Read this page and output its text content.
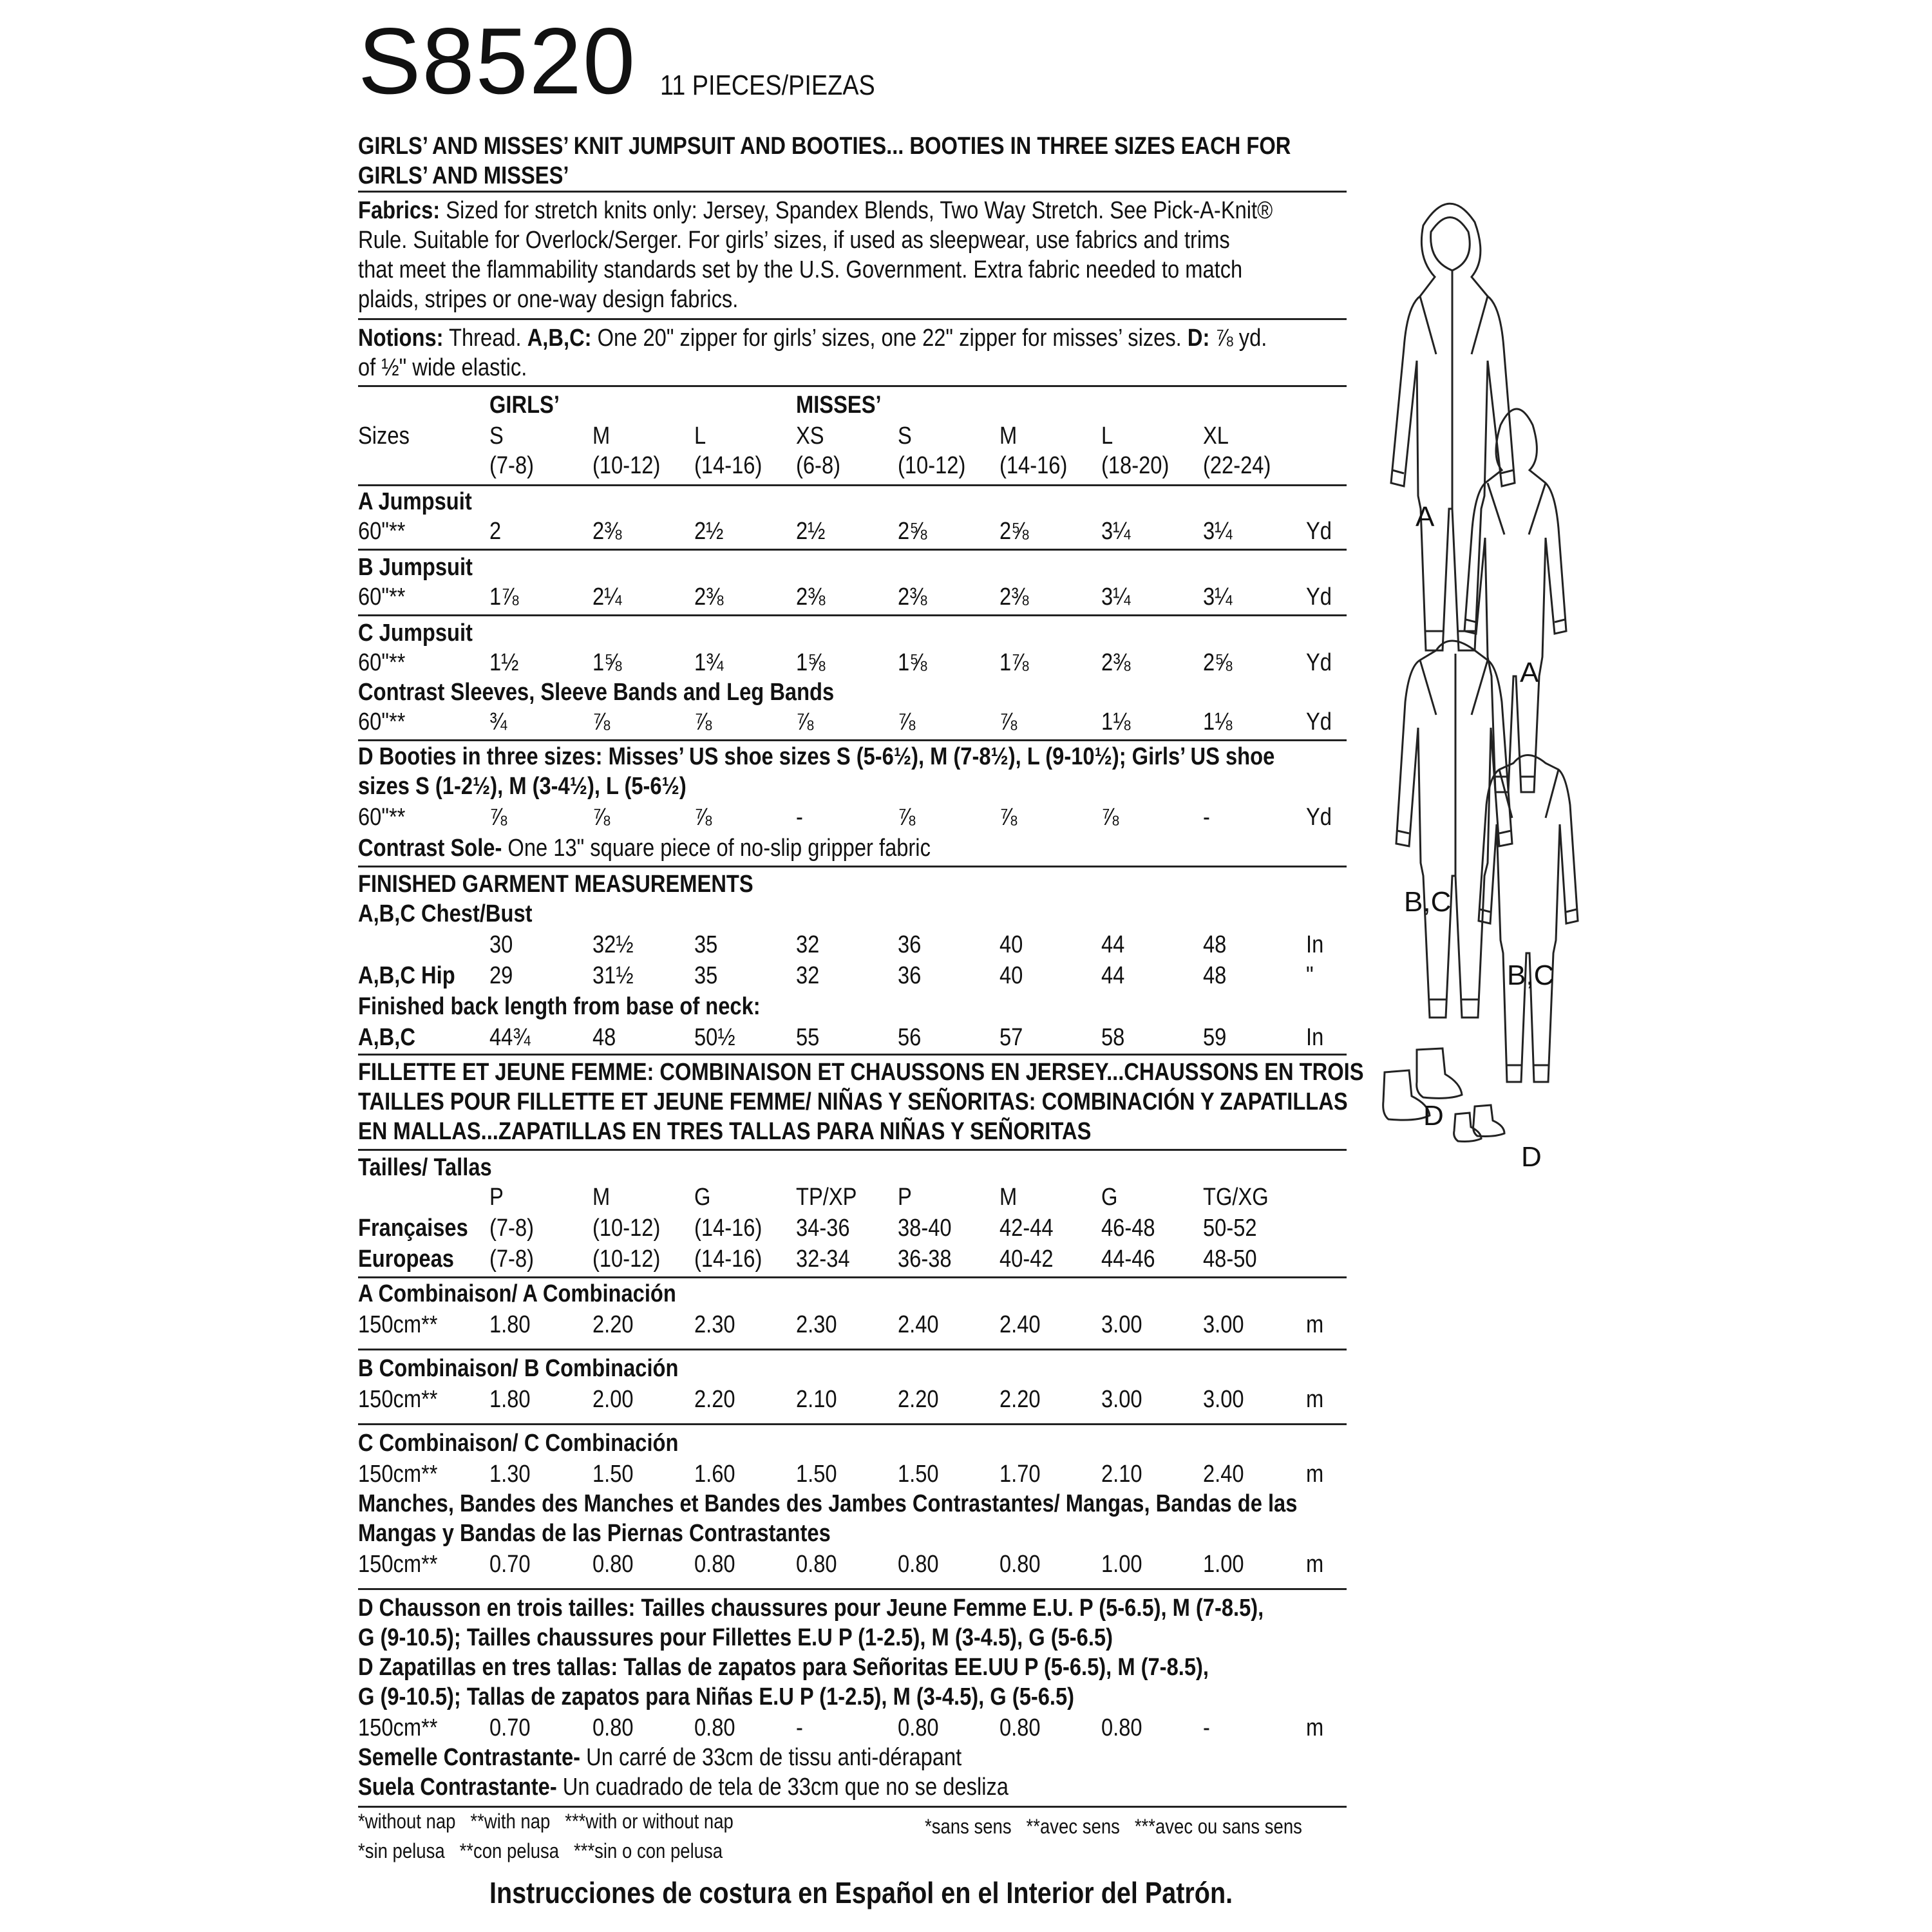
S8520 11 PIECES/PIEZAS
GIRLS’ AND MISSES’ KNIT JUMPSUIT AND BOOTIES... BOOTIES IN THREE SIZES EACH FOR
GIRLS’ AND MISSES’
Fabrics: Sized for stretch knits only: Jersey, Spandex Blends, Two Way Stretch. See Pick-A-Knit®
Rule. Suitable for Overlock/Serger. For girls’ sizes, if used as sleepwear, use fabrics and trims
that meet the flammability standards set by the U.S. Government. Extra fabric needed to match
plaids, stripes or one-way design fabrics.
Notions: Thread. A,B,C: One 20" zipper for girls’ sizes, one 22" zipper for misses’ sizes. D: ⅞ yd.
of ½" wide elastic.
GIRLS’	MISSES’
Sizes	S	M	L	XS	S	M	L	XL
(7-8) (10-12) (14-16) (6-8) (10-12) (14-16) (18-20) (22-24)
A Jumpsuit
60"**	2	2⅜	2½	2½	2⅝	2⅝	3¼	3¼	Yd
B Jumpsuit
60"**	1⅞	2¼	2⅜	2⅜	2⅜	2⅜	3¼	3¼	Yd
C Jumpsuit
60"**	1½	1⅝	1¾	1⅝	1⅝	1⅞	2⅜	2⅝	Yd
Contrast Sleeves, Sleeve Bands and Leg Bands
60"**	¾	⅞	⅞	⅞	⅞	⅞	1⅛	1⅛	Yd
D Booties in three sizes: Misses’ US shoe sizes S (5-6½), M (7-8½), L (9-10½); Girls’ US shoe
sizes S (1-2½), M (3-4½), L (5-6½)
60"**	⅞	⅞	⅞	-	⅞	⅞	⅞	-	Yd
Contrast Sole- One 13" square piece of no-slip gripper fabric
FINISHED GARMENT MEASUREMENTS
A,B,C Chest/Bust
30	32½ 35	32	36	40	44	48	In
A,B,C Hip 29	31½ 35	32	36	40	44	48	"
Finished back length from base of neck:
A,B,C	44¾	48	50½ 55	56	57	58	59	In
FILLETTE ET JEUNE FEMME: COMBINAISON ET CHAUSSONS EN JERSEY...CHAUSSONS EN TROIS
TAILLES POUR FILLETTE ET JEUNE FEMME/ NIÑAS Y SEÑORITAS: COMBINACIÓN Y ZAPATILLAS
EN MALLAS...ZAPATILLAS EN TRES TALLAS PARA NIÑAS Y SEÑORITAS
Tailles/ Tallas
P	M	G	TP/XP P	M	G	TG/XG
Françaises (7-8) (10-12) (14-16) 34-36 38-40 42-44 46-48 50-52
Europeas (7-8) (10-12) (14-16) 32-34 36-38 40-42 44-46 48-50
A Combinaison/ A Combinación
150cm** 1.80	2.20 2.30 2.30 2.40 2.40 3.00 3.00	m
B Combinaison/ B Combinación
150cm** 1.80	2.00 2.20 2.10 2.20 2.20 3.00 3.00	m
C Combinaison/ C Combinación
150cm** 1.30	1.50 1.60 1.50 1.50 1.70 2.10 2.40	m
Manches, Bandes des Manches et Bandes des Jambes Contrastantes/ Mangas, Bandas de las
Mangas y Bandas de las Piernas Contrastantes
150cm** 0.70	0.80 0.80 0.80 0.80 0.80 1.00 1.00	m
D Chausson en trois tailles: Tailles chaussures pour Jeune Femme E.U. P (5-6.5), M (7-8.5),
G (9-10.5); Tailles chaussures pour Fillettes E.U P (1-2.5), M (3-4.5), G (5-6.5)
D Zapatillas en tres tallas: Tallas de zapatos para Señoritas EE.UU P (5-6.5), M (7-8.5),
G (9-10.5); Tallas de zapatos para Niñas E.U P (1-2.5), M (3-4.5), G (5-6.5)
150cm** 0.70	0.80 0.80 -	0.80 0.80 0.80 -	m
Semelle Contrastante- Un carré de 33cm de tissu anti-dérapant
Suela Contrastante- Un cuadrado de tela de 33cm que no se desliza
*without nap **with nap ***with or without nap
*sin pelusa **con pelusa ***sin o con pelusa
*sans sens **avec sens ***avec ou sans sens
Instrucciones de costura en Español en el Interior del Patrón.
A
A
B,C
B,C
D
D
